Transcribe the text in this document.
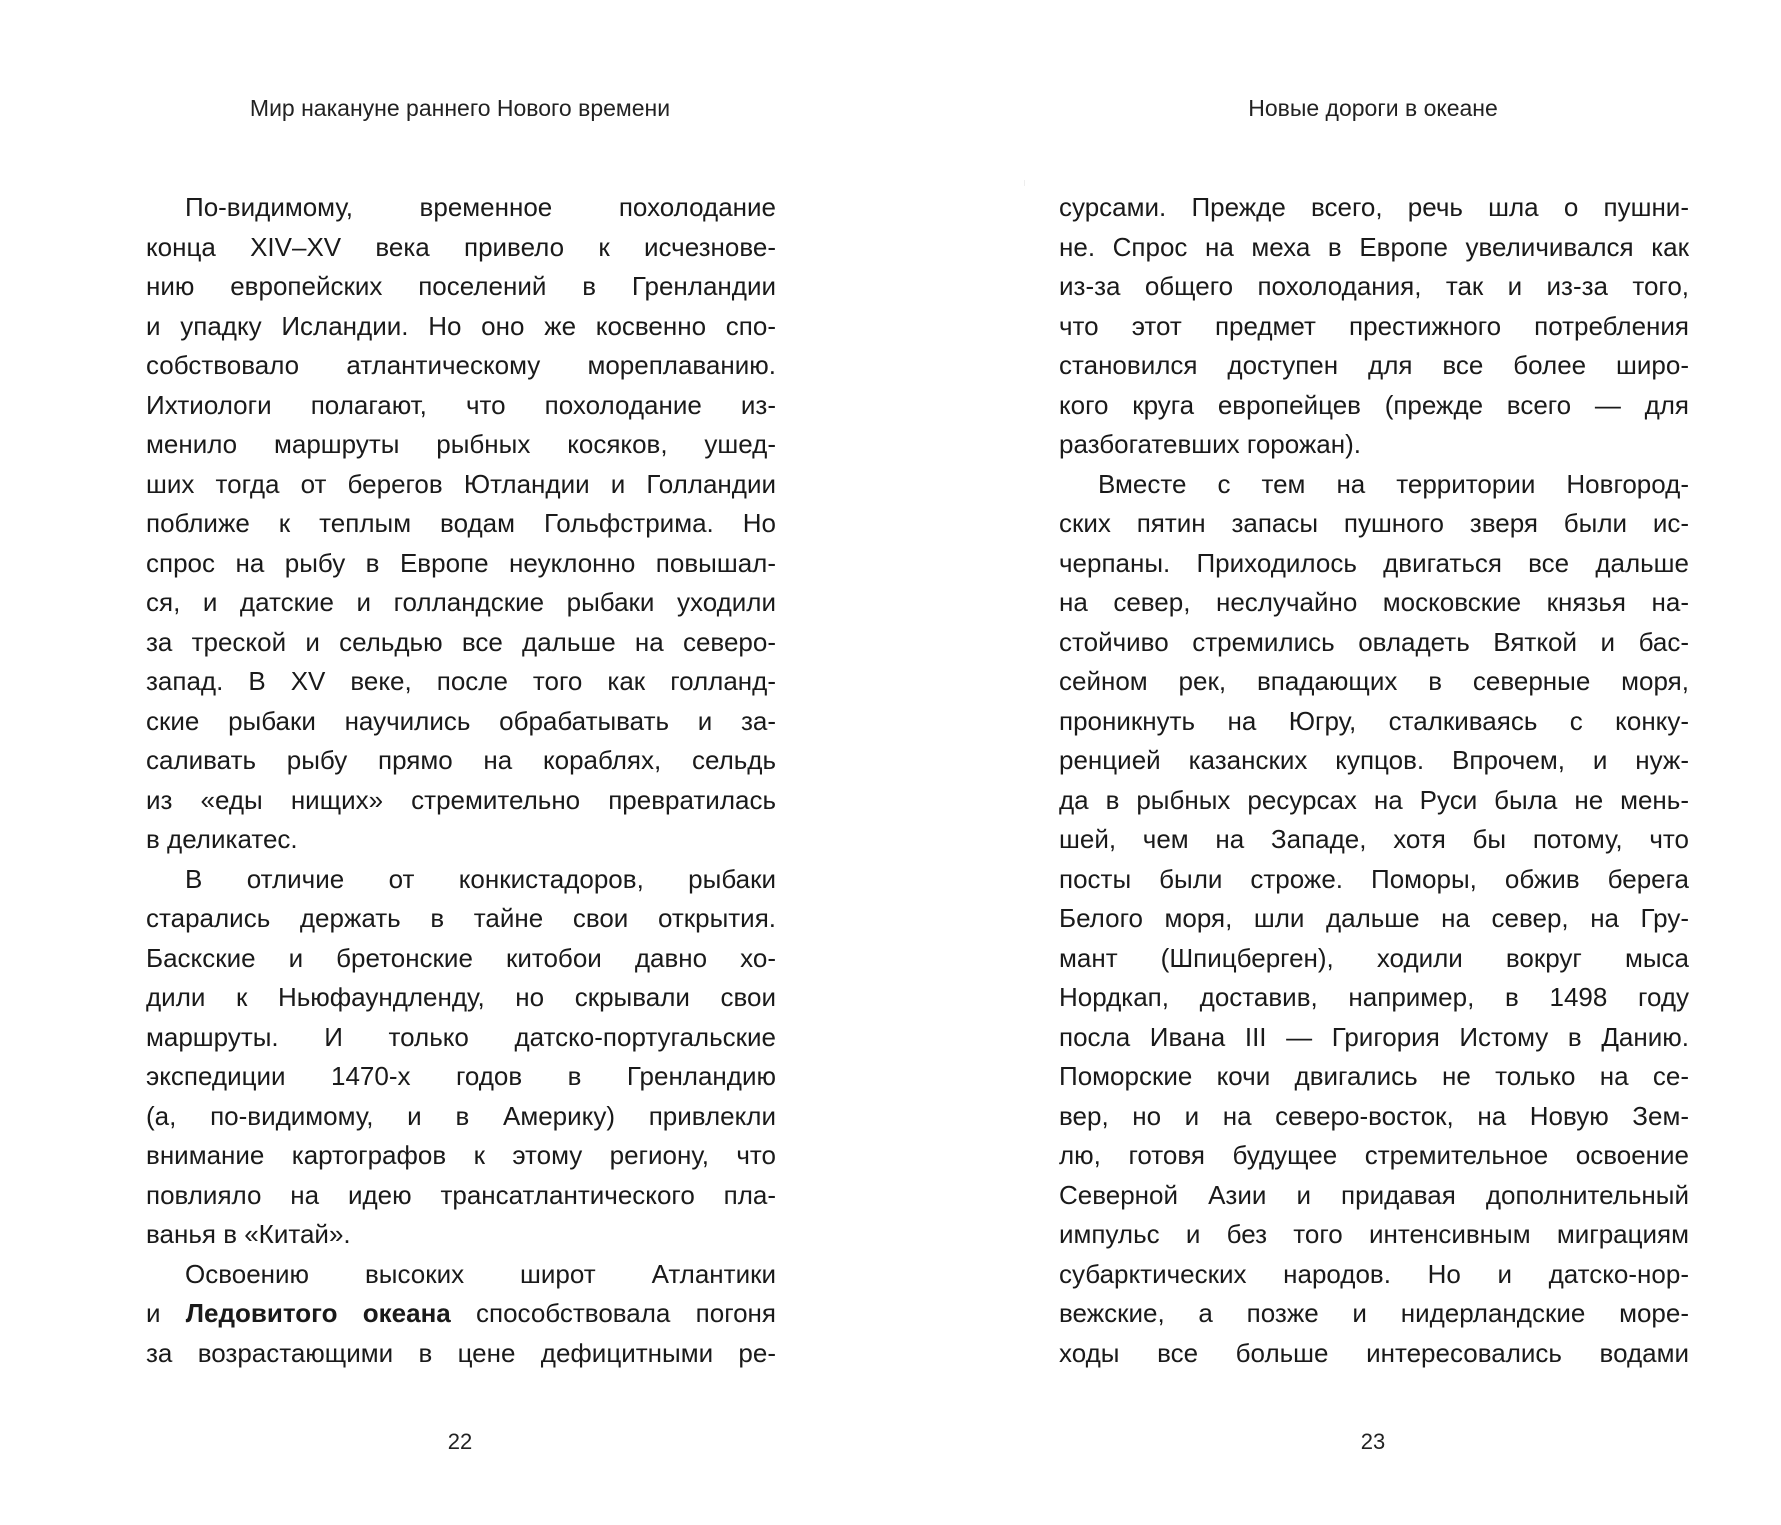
Мир накануне раннего Нового времени	Новые дороги в океане
По-видимому, временное похолодание
конца XIV–XV века привело к исчезнове-
нию европейских поселений в Гренландии
и упадку Исландии. Но оно же косвенно спо-
собствовало атлантическому мореплаванию.
Ихтиологи полагают, что похолодание из-
менило маршруты рыбных косяков, ушед-
ших тогда от берегов Ютландии и Голландии
поближе к теплым водам Гольфстрима. Но
спрос на рыбу в Европе неуклонно повышал-
ся, и датские и голландские рыбаки уходили
за треской и сельдью все дальше на северо-
запад. В XV веке, после того как голланд-
ские рыбаки научились обрабатывать и за-
саливать рыбу прямо на кораблях, сельдь
из «еды нищих» стремительно превратилась
в деликатес.
В отличие от конкистадоров, рыбаки
старались держать в тайне свои открытия.
Баскские и бретонские китобои давно хо-
дили к Ньюфаундленду, но скрывали свои
маршруты. И только датско-португальские
экспедиции 1470-х годов в Гренландию
(а, по-видимому, и в Америку) привлекли
внимание картографов к этому региону, что
повлияло на идею трансатлантического пла-
ванья в «Китай».
Освоению высоких широт Атлантики
и Ледовитого океана способствовала погоня
за возрастающими в цене дефицитными ре-
сурсами. Прежде всего, речь шла о пушни-
не. Спрос на меха в Европе увеличивался как
из-за общего похолодания, так и из-за того,
что этот предмет престижного потребления
становился доступен для все более широ-
кого круга европейцев (прежде всего — для
разбогатевших горожан).
Вместе с тем на территории Новгород-
ских пятин запасы пушного зверя были ис-
черпаны. Приходилось двигаться все дальше
на север, неслучайно московские князья на-
стойчиво стремились овладеть Вяткой и бас-
сейном рек, впадающих в северные моря,
проникнуть на Югру, сталкиваясь с конку-
ренцией казанских купцов. Впрочем, и нуж-
да в рыбных ресурсах на Руси была не мень-
шей, чем на Западе, хотя бы потому, что
посты были строже. Поморы, обжив берега
Белого моря, шли дальше на север, на Гру-
мант (Шпицберген), ходили вокруг мыса
Нордкап, доставив, например, в 1498 году
посла Ивана III — Григория Истому в Данию.
Поморские кочи двигались не только на се-
вер, но и на северо-восток, на Новую Зем-
лю, готовя будущее стремительное освоение
Северной Азии и придавая дополнительный
импульс и без того интенсивным миграциям
субарктических народов. Но и датско-нор-
вежские, а позже и нидерландские море-
ходы все больше интересовались водами
22	23
